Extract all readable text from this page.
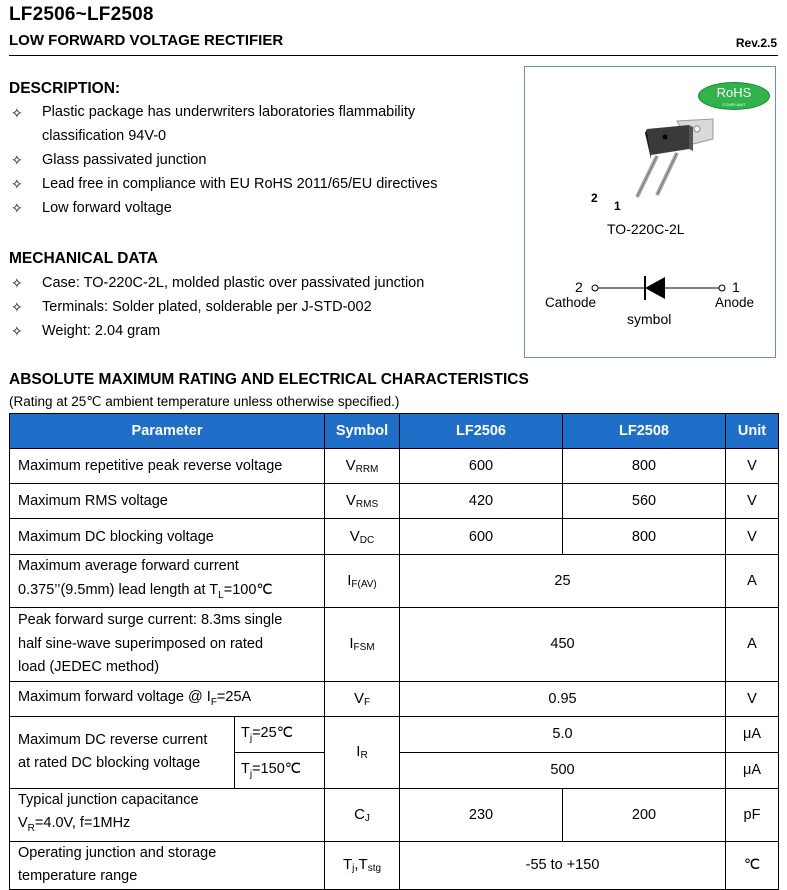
LF2506~LF2508
LOW FORWARD VOLTAGE RECTIFIER	Rev.2.5
DESCRIPTION:
✧ Plastic package has underwriters laboratories flammability
classification 94V-0
✧ Glass passivated junction
✧ Lead free in compliance with EU RoHS 2011/65/EU directives
✧ Low forward voltage
MECHANICAL DATA
✧ Case: TO-220C-2L, molded plastic over passivated junction
✧ Terminals: Solder plated, solderable per J-STD-002
✧ Weight: 2.04 gram
RoHS
COMPLIANT
2
1
TO-220C-2L
2	1
Cathode	Anode
symbol
ABSOLUTE MAXIMUM RATING AND ELECTRICAL CHARACTERISTICS
(Rating at 25℃ ambient temperature unless otherwise specified.)
Parameter		Symbol	LF2506	LF2508	Unit
Maximum repetitive peak reverse voltage		$V_{RRM}$	600	800	V
Maximum RMS voltage		$V_{RMS}$	420	560	V
Maximum DC blocking voltage		$V_{DC}$	600	800	V

Maximum average forward current
0.375’’(9.5mm) lead length at $T_L=100℃$		$I_{F(AV)}$	25		A

Peak forward surge current: 8.3ms single
half sine-wave superimposed on rated
load (JEDEC method)		$I_{FSM}$	450		A
Maximum forward voltage @ $I_F=25A$		$V_F$	0.95		V

Maximum DC reverse current
at rated DC blocking voltage	$T_j=25℃$	$I_R$	5.0		μA
	$T_j=150℃$		500		μA

Typical junction capacitance
$V_R=4.0V$, f=1MHz		$C_J$	230	200	pF

Operating junction and storage
temperature range		$T_j,T_{stg}$	-55 to +150		℃
